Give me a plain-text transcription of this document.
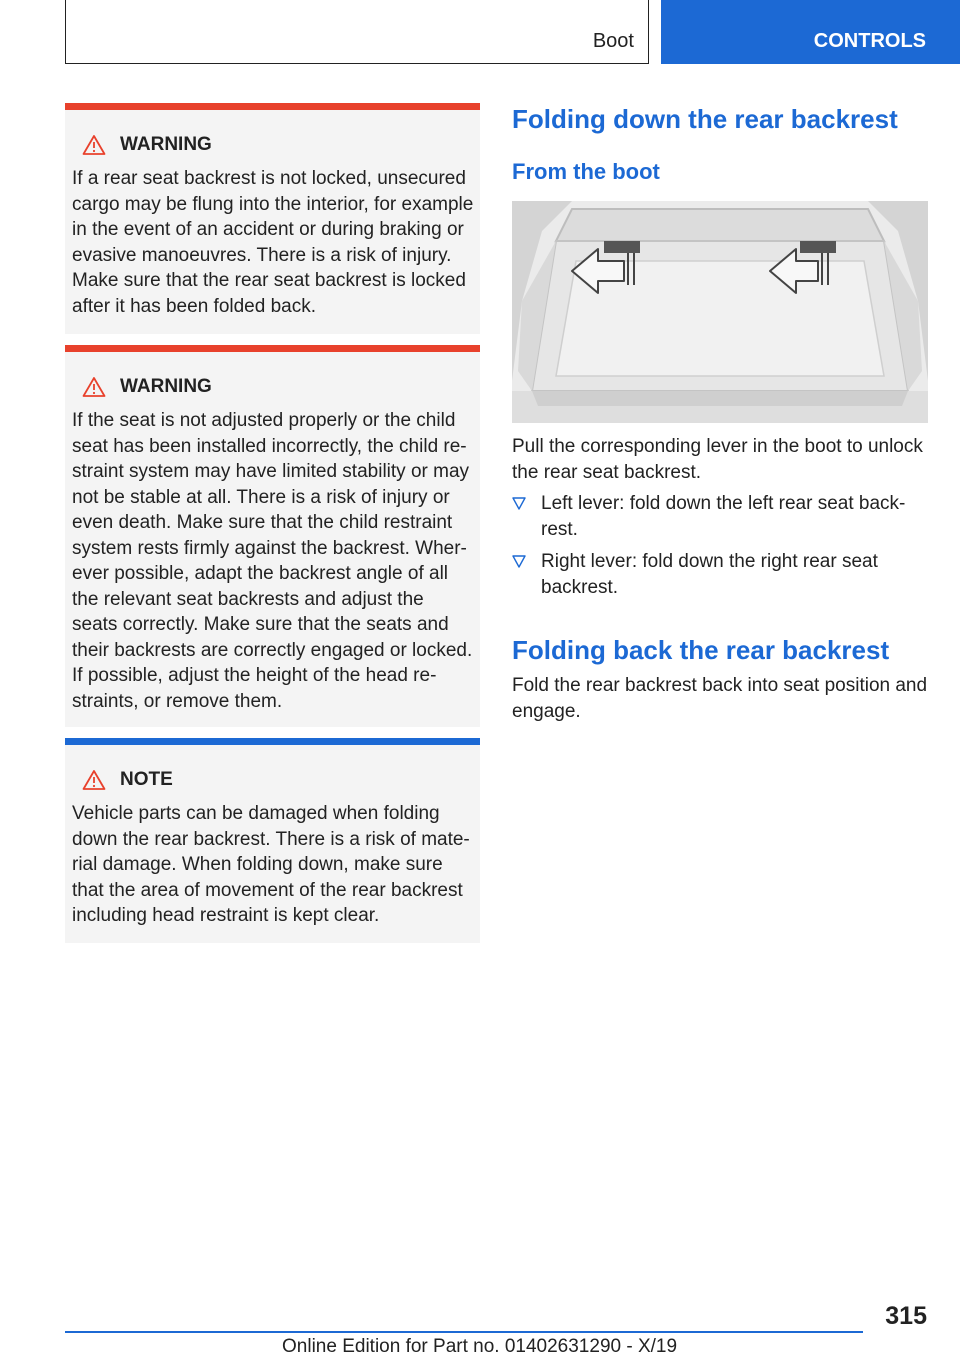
Boot	CONTROLS
WARNING
If a rear seat backrest is not locked, unsecured cargo may be flung into the interior, for example in the event of an accident or during braking or evasive manoeuvres. There is a risk of injury. Make sure that the rear seat backrest is locked after it has been folded back.
WARNING
If the seat is not adjusted properly or the child seat has been installed incorrectly, the child re‐straint system may have limited stability or may not be stable at all. There is a risk of injury or even death. Make sure that the child restraint system rests firmly against the backrest. Wher‐ever possible, adapt the backrest angle of all the relevant seat backrests and adjust the seats correctly. Make sure that the seats and their backrests are correctly engaged or locked. If possible, adjust the height of the head re‐straints, or remove them.
NOTE
Vehicle parts can be damaged when folding down the rear backrest. There is a risk of mate‐rial damage. When folding down, make sure that the area of movement of the rear backrest including head restraint is kept clear.
Folding down the rear backrest
From the boot
Pull the corresponding lever in the boot to unlock the rear seat backrest.
Left lever: fold down the left rear seat back‐rest.
Right lever: fold down the right rear seat backrest.
Folding back the rear backrest
Fold the rear backrest back into seat position and engage.
315
Online Edition for Part no. 01402631290 - X/19
